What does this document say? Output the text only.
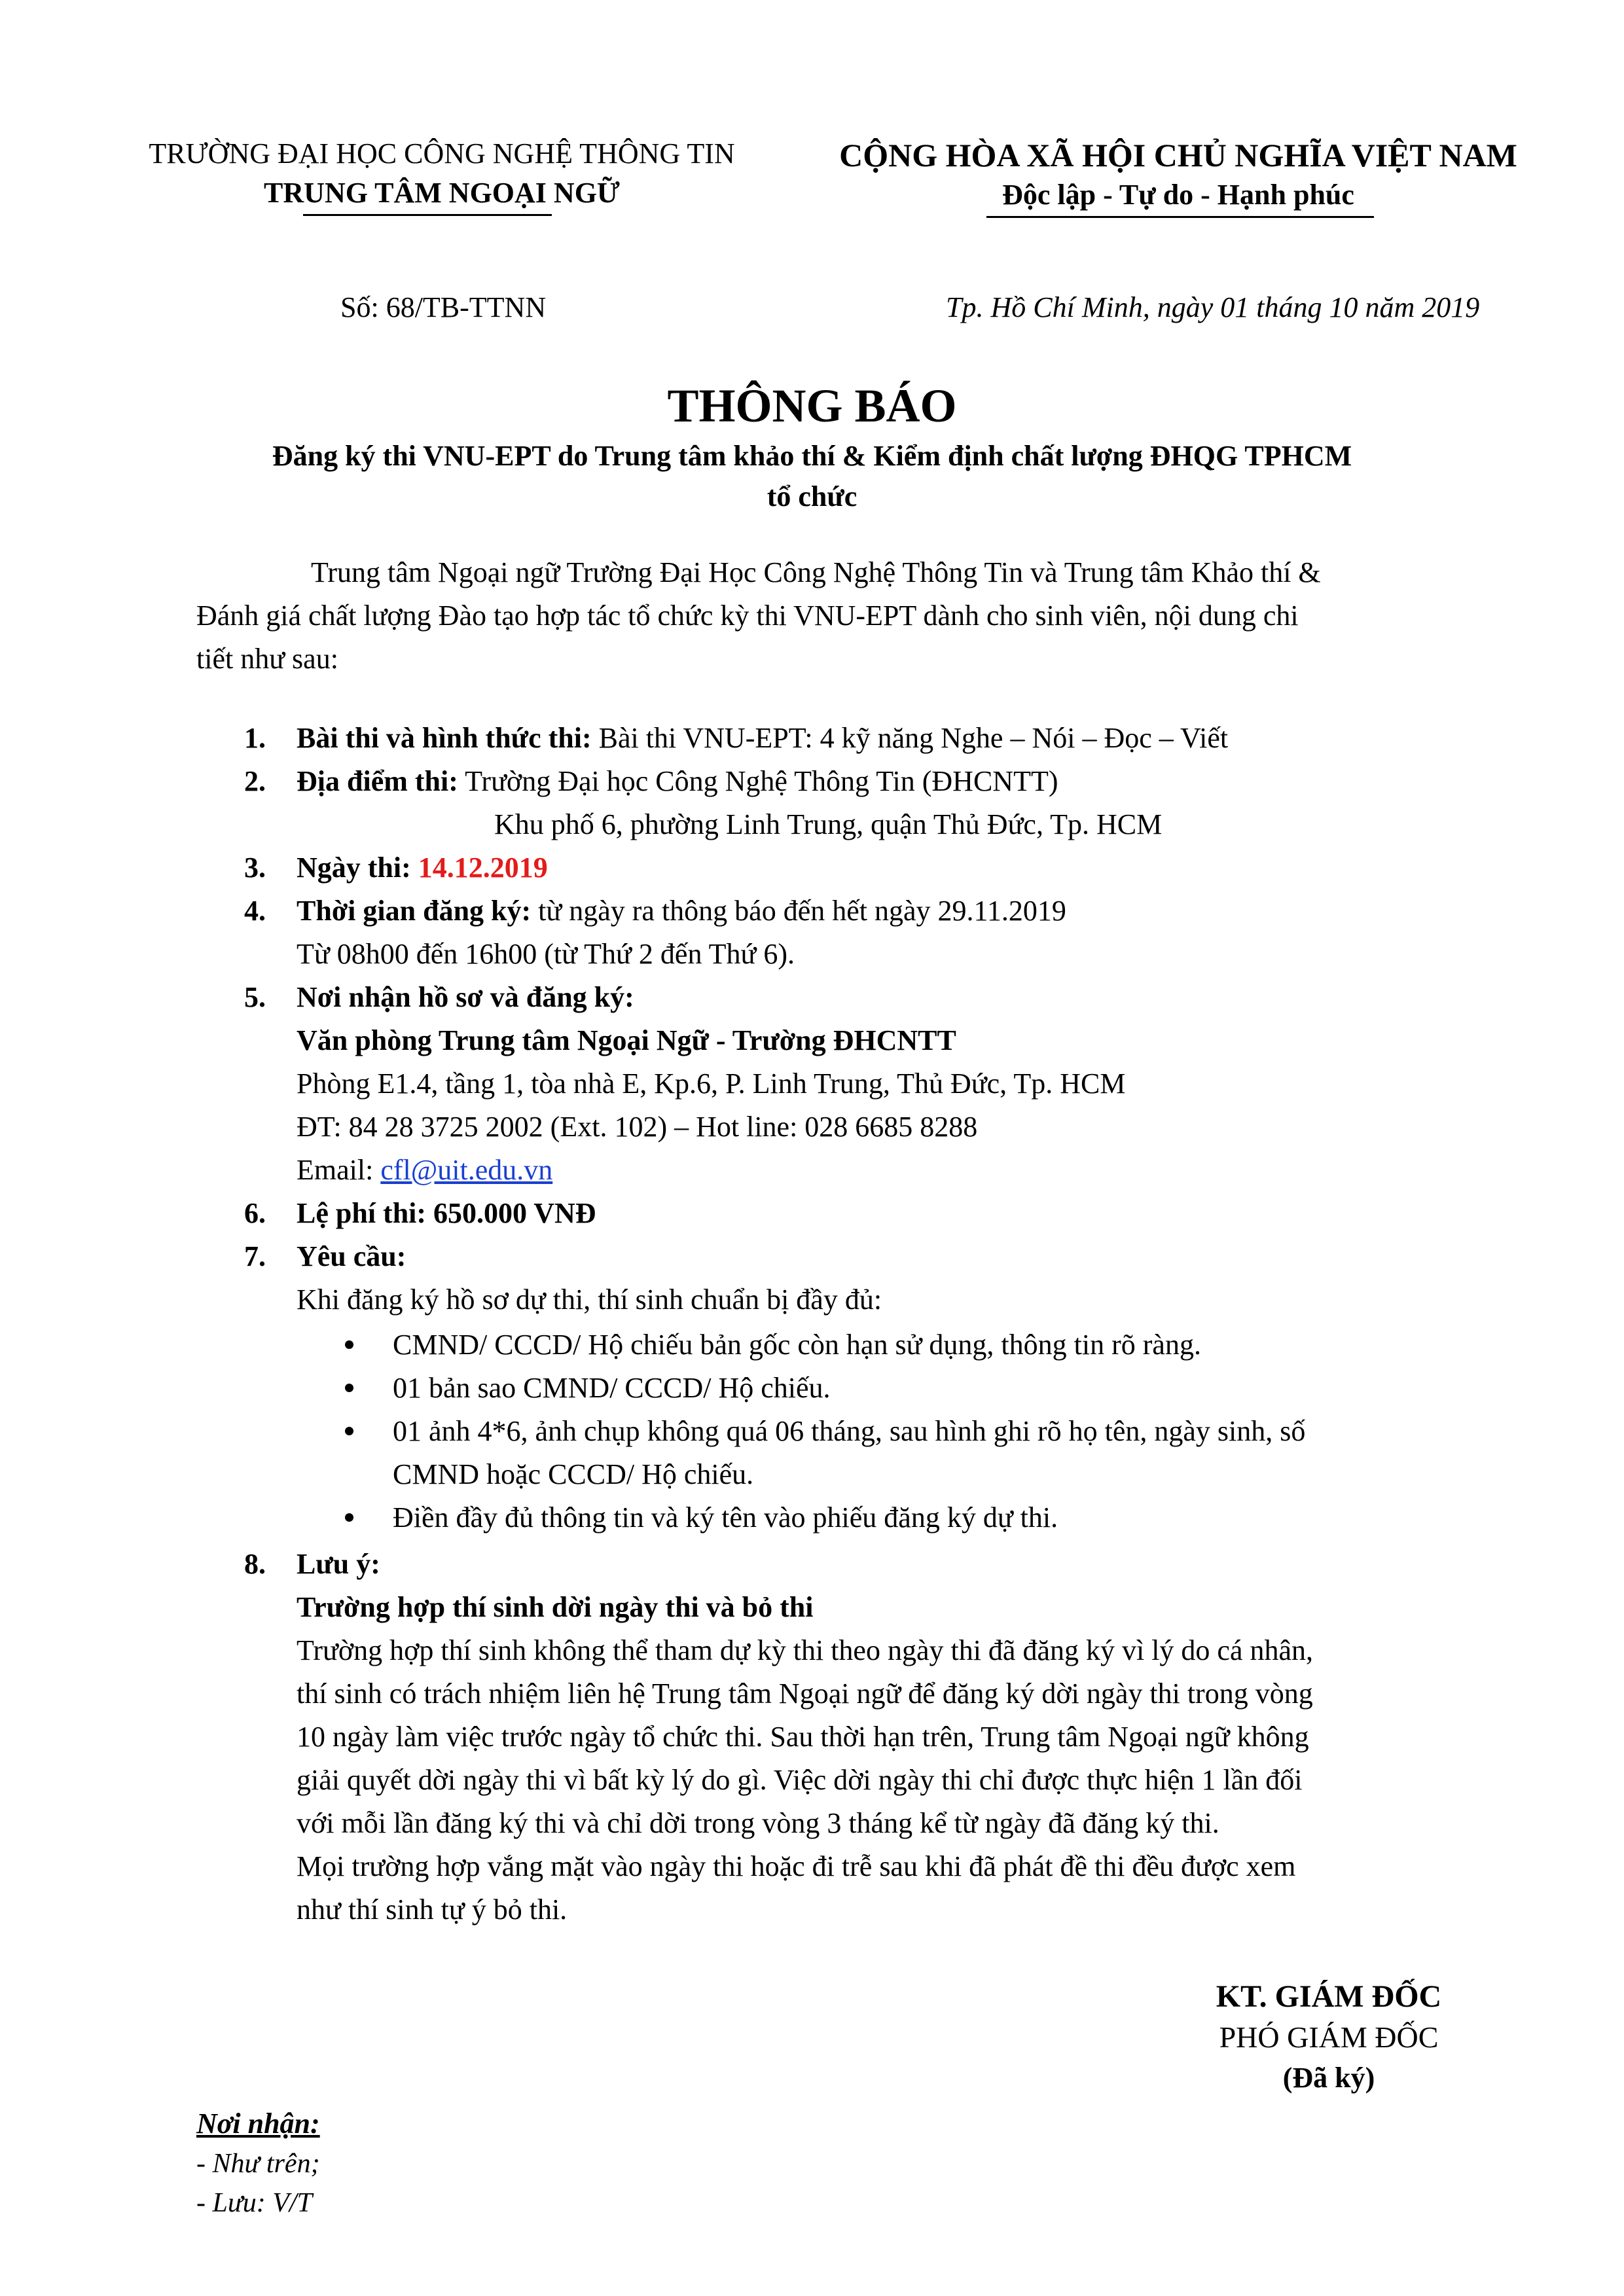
TRƯỜNG ĐẠI HỌC CÔNG NGHỆ THÔNG TIN
TRUNG TÂM NGOẠI NGỮ
CỘNG HÒA XÃ HỘI CHỦ NGHĨA VIỆT NAM
Độc lập - Tự do - Hạnh phúc
Số: 68/TB-TTNN	Tp. Hồ Chí Minh, ngày 01 tháng 10 năm 2019
THÔNG BÁO
Đăng ký thi VNU-EPT do Trung tâm khảo thí & Kiểm định chất lượng ĐHQG TPHCM
tổ chức
Trung tâm Ngoại ngữ Trường Đại Học Công Nghệ Thông Tin và Trung tâm Khảo thí &
Đánh giá chất lượng Đào tạo hợp tác tổ chức kỳ thi VNU-EPT dành cho sinh viên, nội dung chi
tiết như sau:
1. Bài thi và hình thức thi: Bài thi VNU-EPT: 4 kỹ năng Nghe – Nói – Đọc – Viết
2. Địa điểm thi: Trường Đại học Công Nghệ Thông Tin (ĐHCNTT)
Khu phố 6, phường Linh Trung, quận Thủ Đức, Tp. HCM
3. Ngày thi: 14.12.2019
4. Thời gian đăng ký: từ ngày ra thông báo đến hết ngày 29.11.2019
Từ 08h00 đến 16h00 (từ Thứ 2 đến Thứ 6).
5. Nơi nhận hồ sơ và đăng ký:
Văn phòng Trung tâm Ngoại Ngữ - Trường ĐHCNTT
Phòng E1.4, tầng 1, tòa nhà E, Kp.6, P. Linh Trung, Thủ Đức, Tp. HCM
ĐT: 84 28 3725 2002 (Ext. 102) – Hot line: 028 6685 8288
Email: cfl@uit.edu.vn
6. Lệ phí thi: 650.000 VNĐ
7. Yêu cầu:
Khi đăng ký hồ sơ dự thi, thí sinh chuẩn bị đầy đủ:
CMND/ CCCD/ Hộ chiếu bản gốc còn hạn sử dụng, thông tin rõ ràng.
01 bản sao CMND/ CCCD/ Hộ chiếu.
01 ảnh 4*6, ảnh chụp không quá 06 tháng, sau hình ghi rõ họ tên, ngày sinh, số
CMND hoặc CCCD/ Hộ chiếu.
Điền đầy đủ thông tin và ký tên vào phiếu đăng ký dự thi.
8. Lưu ý:
Trường hợp thí sinh dời ngày thi và bỏ thi
Trường hợp thí sinh không thể tham dự kỳ thi theo ngày thi đã đăng ký vì lý do cá nhân,
thí sinh có trách nhiệm liên hệ Trung tâm Ngoại ngữ để đăng ký dời ngày thi trong vòng
10 ngày làm việc trước ngày tổ chức thi. Sau thời hạn trên, Trung tâm Ngoại ngữ không
giải quyết dời ngày thi vì bất kỳ lý do gì. Việc dời ngày thi chỉ được thực hiện 1 lần đối
với mỗi lần đăng ký thi và chỉ dời trong vòng 3 tháng kể từ ngày đã đăng ký thi.
Mọi trường hợp vắng mặt vào ngày thi hoặc đi trễ sau khi đã phát đề thi đều được xem
như thí sinh tự ý bỏ thi.
KT. GIÁM ĐỐC
PHÓ GIÁM ĐỐC
(Đã ký)
Nơi nhận:
- Như trên;
- Lưu: V/T
